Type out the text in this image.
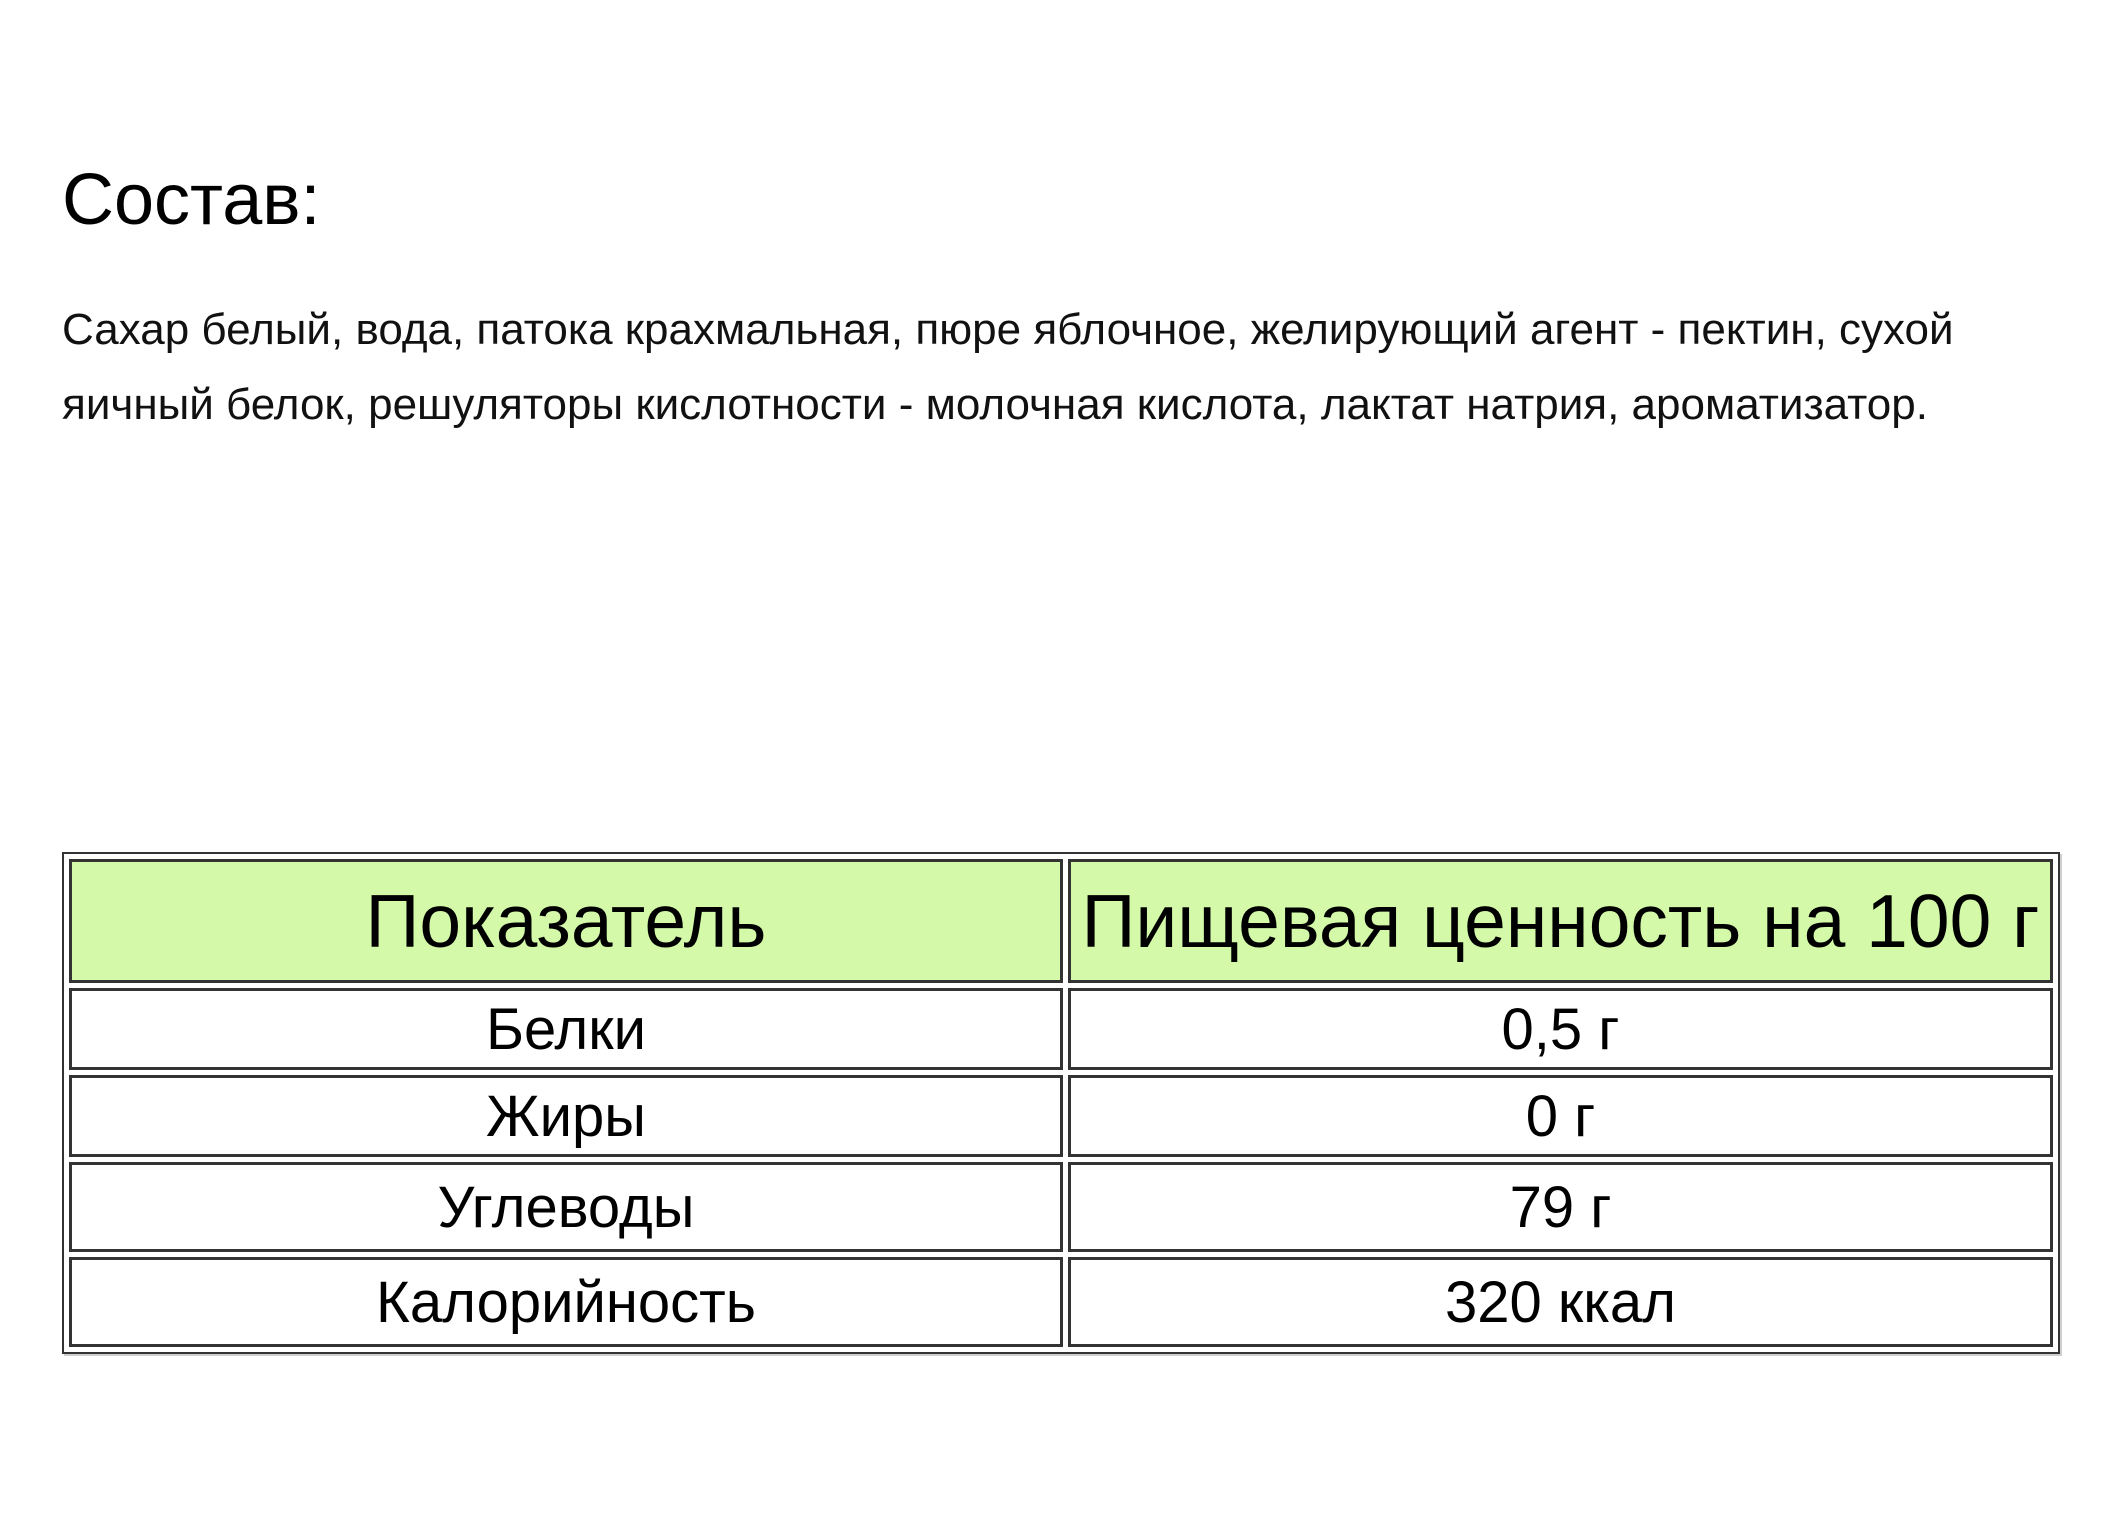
Состав:

Сахар белый, вода, патока крахмальная, пюре яблочное, желирующий агент - пектин, сухой яичный белок, решуляторы кислотности - молочная кислота, лактат натрия, ароматизатор.

Показатель	Пищевая ценность на 100 г
Белки	0,5 г
Жиры	0 г
Углеводы	79 г
Калорийность	320 ккал
